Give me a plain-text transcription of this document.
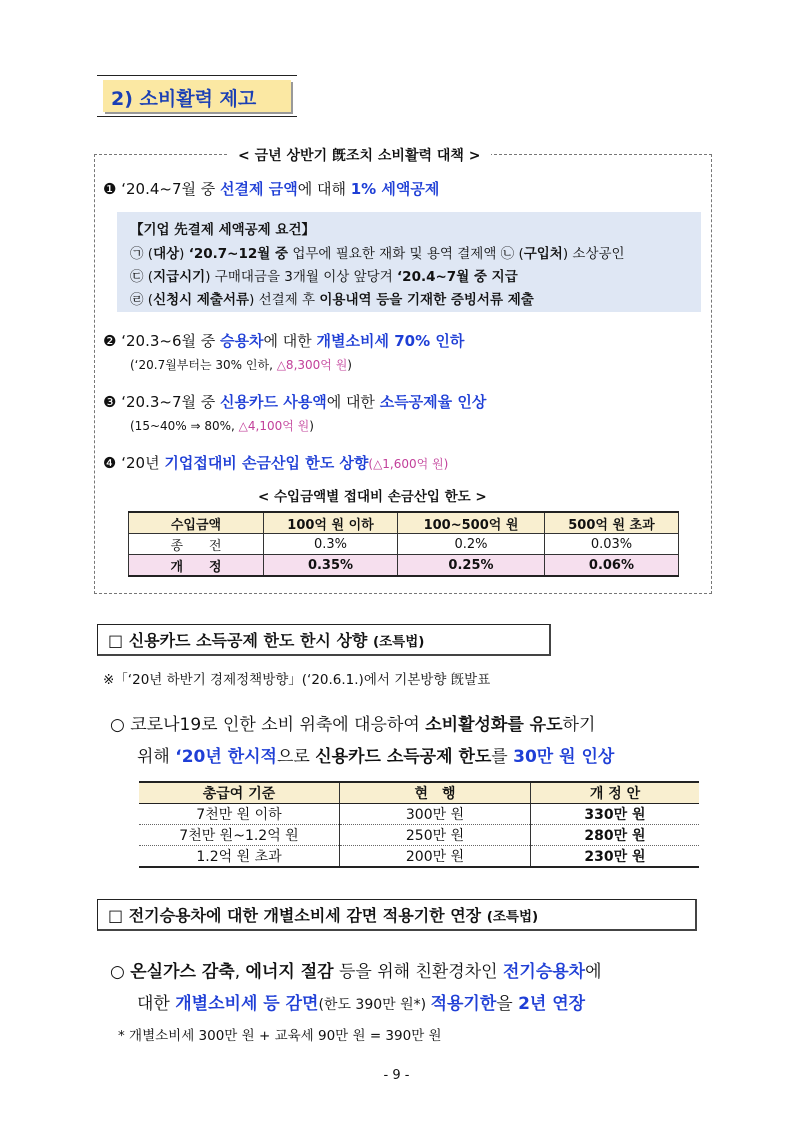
2) 소비활력 제고
< 금년 상반기 旣조치 소비활력 대책 >
❶ ‘20.4~7월 중 선결제 금액에 대해 1% 세액공제
【기업 先결제 세액공제 요건】
㉠ (대상) ‘20.7~12월 중 업무에 필요한 재화 및 용역 결제액 ㉡ (구입처) 소상공인
㉢ (지급시기) 구매대금을 3개월 이상 앞당겨 ‘20.4~7월 중 지급
㉣ (신청시 제출서류) 선결제 후 이용내역 등을 기재한 증빙서류 제출
❷ ‘20.3~6월 중 승용차에 대한 개별소비세 70% 인하
(‘20.7월부터는 30% 인하, △8,300억 원)
❸ ‘20.3~7월 중 신용카드 사용액에 대한 소득공제율 인상
(15~40% ⇒ 80%, △4,100억 원)
❹ ‘20년 기업접대비 손금산입 한도 상향(△1,600억 원)
< 수입금액별 접대비 손금산입 한도 >
수입금액	100억 원 이하	100~500억 원	500억 원 초과
종　　전	0.3%	0.2%	0.03%
개　　정	0.35%	0.25%	0.06%
□ 신용카드 소득공제 한도 한시 상향 (조특법)
※「‘20년 하반기 경제정책방향」(‘20.6.1.)에서 기본방향 旣발표
○ 코로나19로 인한 소비 위축에 대응하여 소비활성화를 유도하기
위해 ‘20년 한시적으로 신용카드 소득공제 한도를 30만 원 인상
총급여 기준	현　행	개 정 안
7천만 원 이하	300만 원	330만 원
7천만 원~1.2억 원	250만 원	280만 원
1.2억 원 초과	200만 원	230만 원
□ 전기승용차에 대한 개별소비세 감면 적용기한 연장 (조특법)
○ 온실가스 감축, 에너지 절감 등을 위해 친환경차인 전기승용차에
대한 개별소비세 등 감면(한도 390만 원*) 적용기한을 2년 연장
* 개별소비세 300만 원 + 교육세 90만 원 = 390만 원
- 9 -
